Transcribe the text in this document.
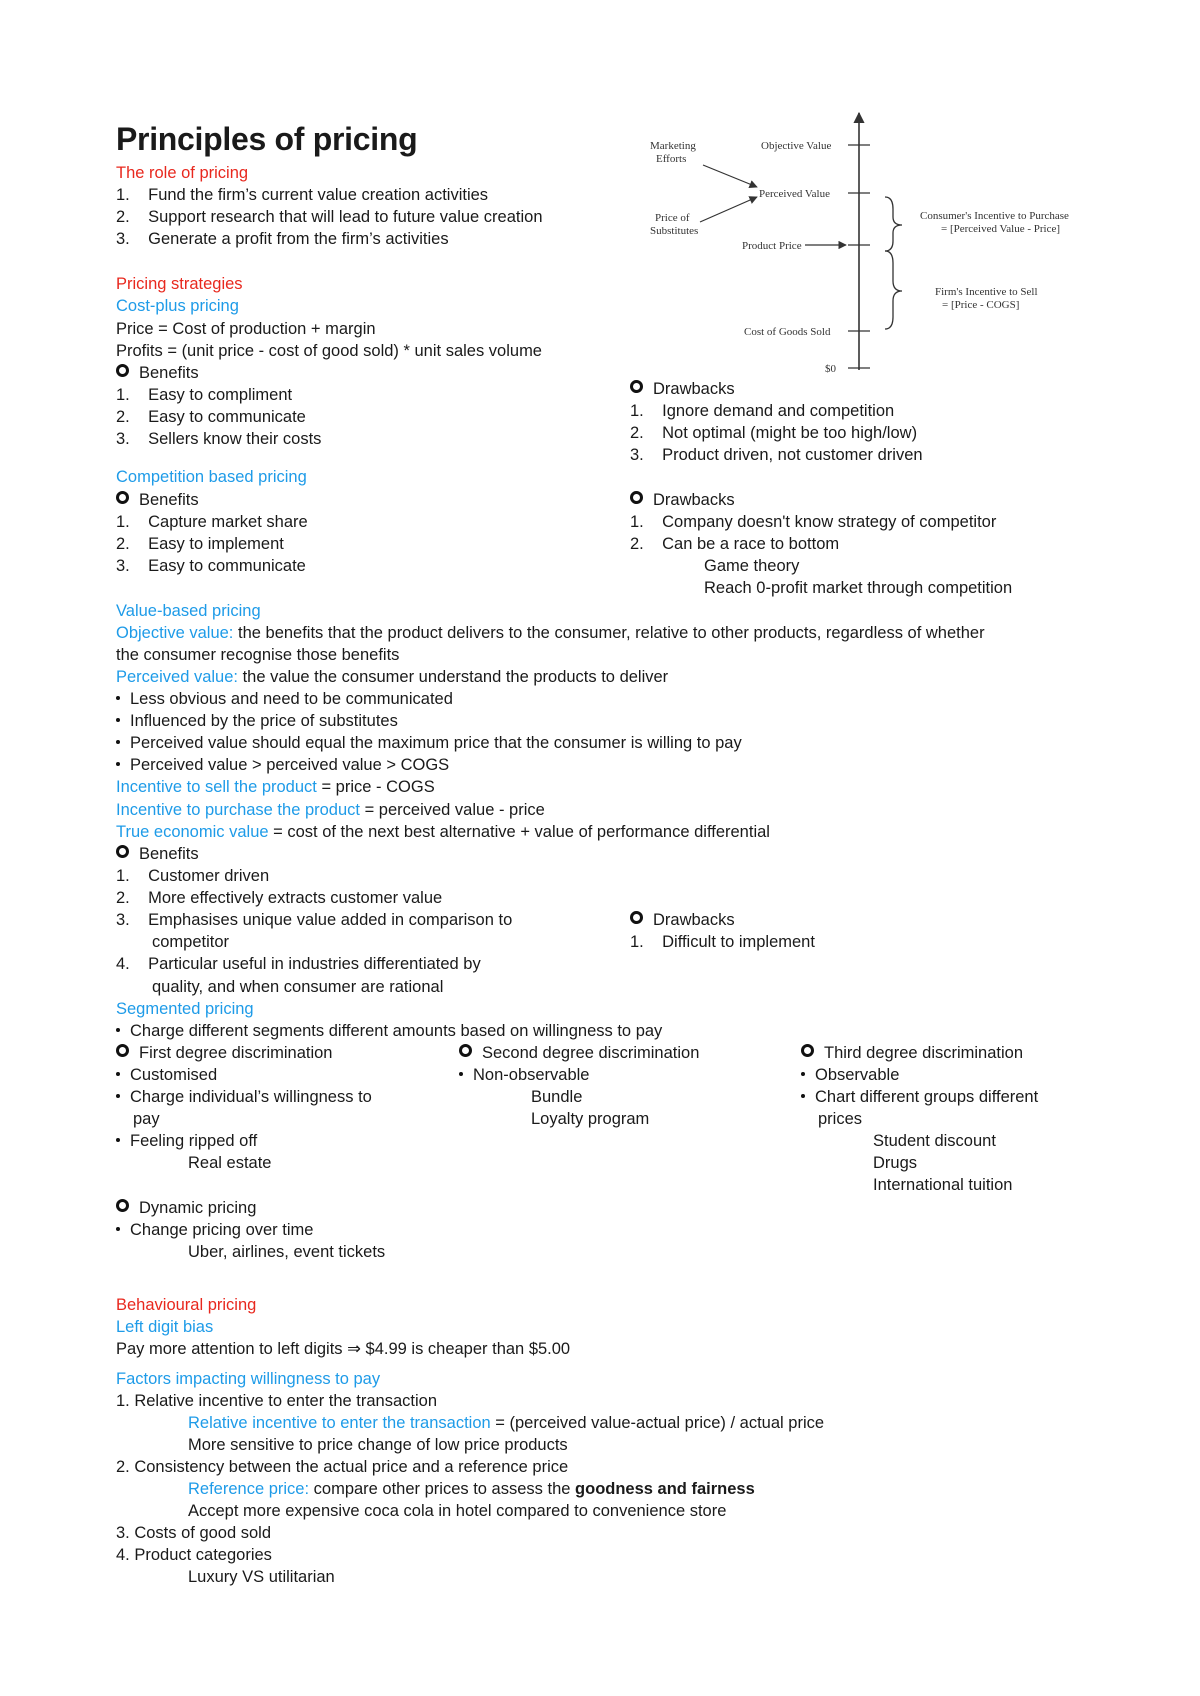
Principles of pricing
The role of pricing
1.    Fund the firm’s current value creation activities
2.    Support research that will lead to future value creation
3.    Generate a profit from the firm’s activities
Pricing strategies
Cost-plus pricing
Price = Cost of production + margin
Profits = (unit price - cost of good sold) * unit sales volume
Benefits
1.    Easy to compliment
2.    Easy to communicate
3.    Sellers know their costs
Drawbacks
1.    Ignore demand and competition
2.    Not optimal (might be too high/low)
3.    Product driven, not customer driven
Competition based pricing
Benefits
1.    Capture market share
2.    Easy to implement
3.    Easy to communicate
Drawbacks
1.    Company doesn't know strategy of competitor
2.    Can be a race to bottom
Game theory
Reach 0-profit market through competition
Value-based pricing
Objective value: the benefits that the product delivers to the consumer, relative to other products, regardless of whether
the consumer recognise those benefits
Perceived value: the value the consumer understand the products to deliver
Less obvious and need to be communicated
Influenced by the price of substitutes
Perceived value should equal the maximum price that the consumer is willing to pay
Perceived value > perceived value > COGS
Incentive to sell the product = price - COGS
Incentive to purchase the product = perceived value - price
True economic value = cost of the next best alternative + value of performance differential
Benefits
1.    Customer driven
2.    More effectively extracts customer value
3.    Emphasises unique value added in comparison to
competitor
4.    Particular useful in industries differentiated by
quality, and when consumer are rational
Drawbacks
1.    Difficult to implement
Segmented pricing
Charge different segments different amounts based on willingness to pay
First degree discrimination
Customised
Charge individual’s willingness to
pay
Feeling ripped off
Real estate
Second degree discrimination
Non-observable
Bundle
Loyalty program
Third degree discrimination
Observable
Chart different groups different
prices
Student discount
Drugs
International tuition
Dynamic pricing
Change pricing over time
Uber, airlines, event tickets
Behavioural pricing
Left digit bias
Pay more attention to left digits ⇒ $4.99 is cheaper than $5.00
Factors impacting willingness to pay
1. Relative incentive to enter the transaction
Relative incentive to enter the transaction = (perceived value-actual price) / actual price
More sensitive to price change of low price products
2. Consistency between the actual price and a reference price
Reference price: compare other prices to assess the goodness and fairness
Accept more expensive coca cola in hotel compared to convenience store
3. Costs of good sold
4. Product categories
Luxury VS utilitarian
Marketing
Efforts
Price of
Substitutes
Objective Value
Perceived Value
Product Price
Cost of Goods Sold
$0
Consumer's Incentive to Purchase
= [Perceived Value - Price]
Firm's Incentive to Sell
= [Price - COGS]
